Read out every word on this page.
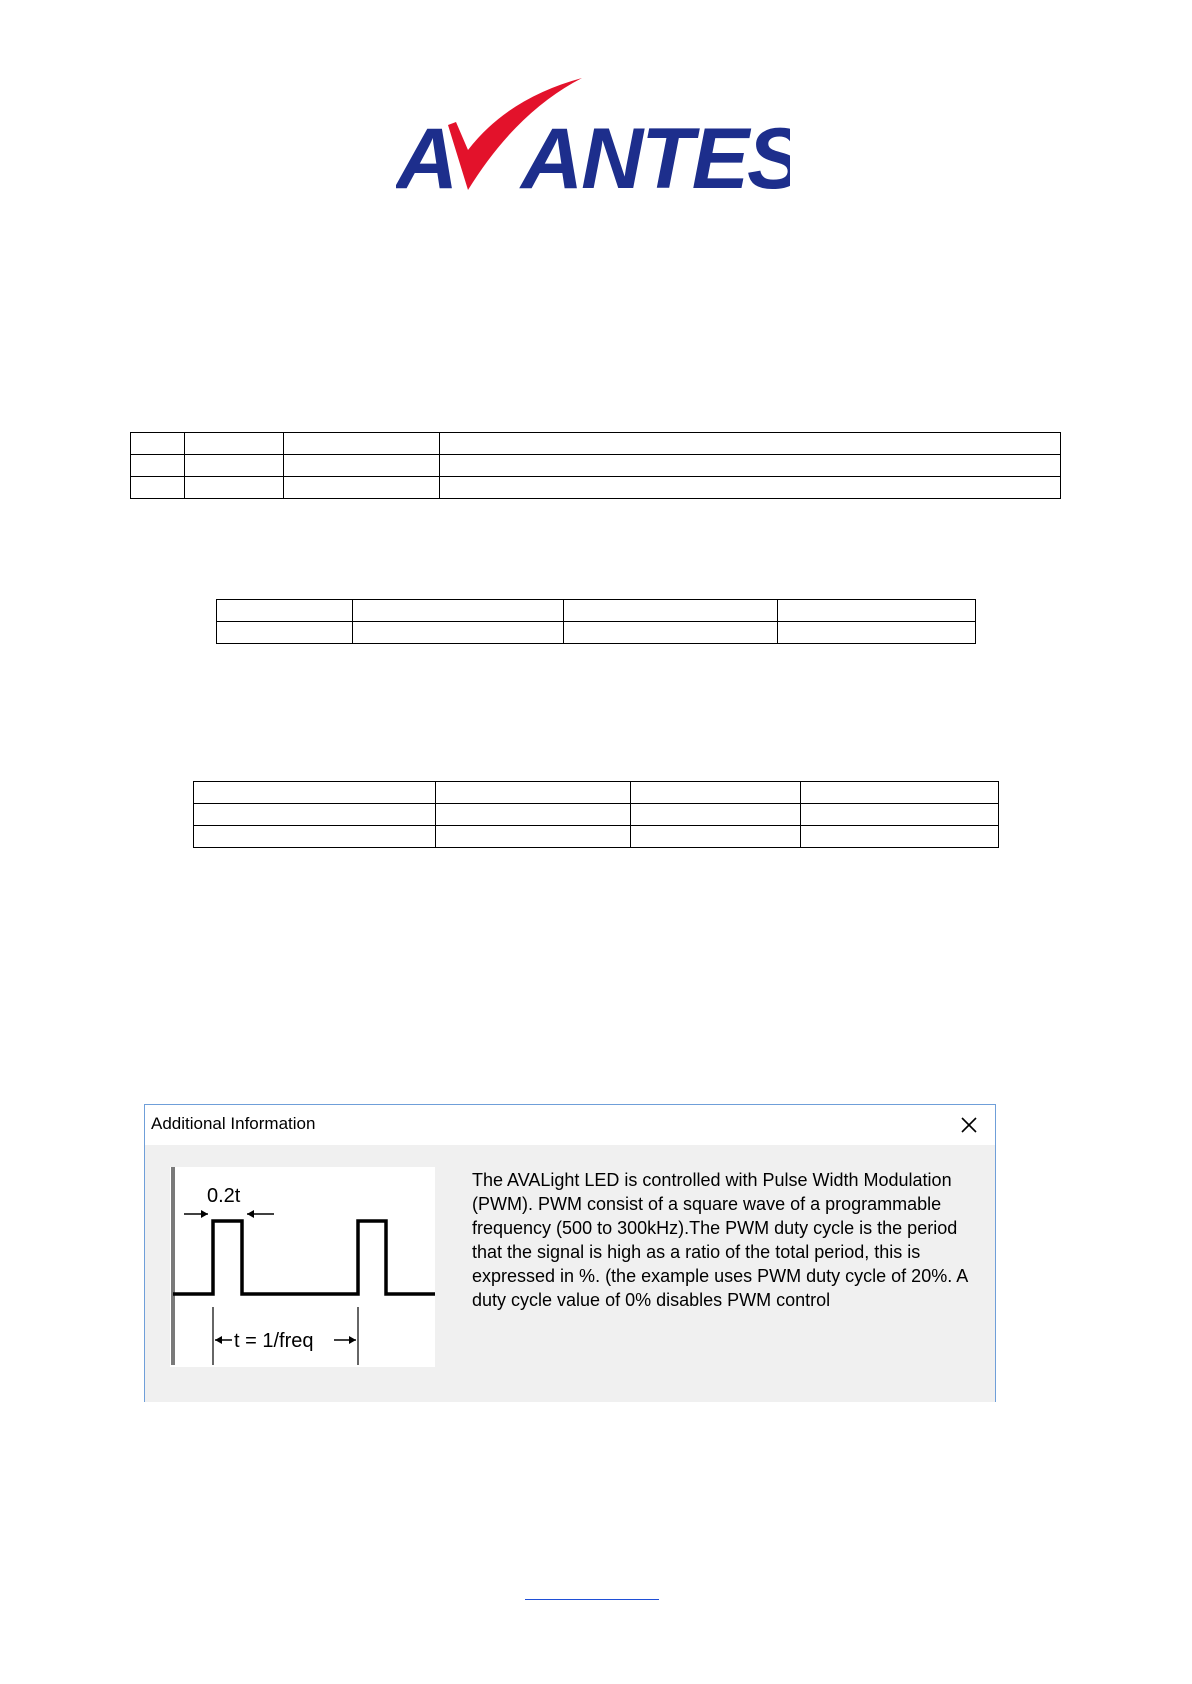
A ANTES

Additional Information
0.2t
t = 1/freq

The AVALight LED is controlled with Pulse Width Modulation (PWM). PWM consist of a square wave of a programmable frequency (500 to 300kHz).The PWM duty cycle is the period that the signal is high as a ratio of the total period, this is expressed in %. (the example uses PWM duty cycle of 20%. A duty cycle value of 0% disables PWM control
